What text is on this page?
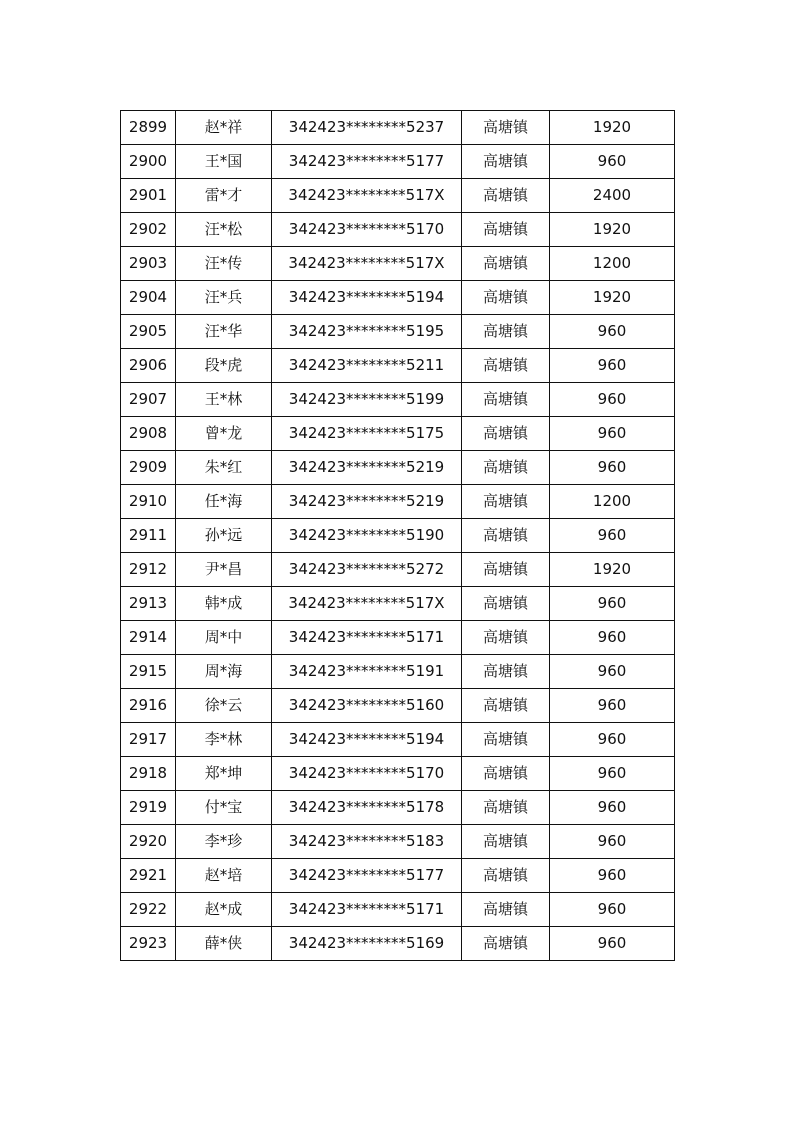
2899	赵*祥	342423********5237	高塘镇	1920
2900	王*国	342423********5177	高塘镇	960
2901	雷*才	342423********517X	高塘镇	2400
2902	汪*松	342423********5170	高塘镇	1920
2903	汪*传	342423********517X	高塘镇	1200
2904	汪*兵	342423********5194	高塘镇	1920
2905	汪*华	342423********5195	高塘镇	960
2906	段*虎	342423********5211	高塘镇	960
2907	王*林	342423********5199	高塘镇	960
2908	曾*龙	342423********5175	高塘镇	960
2909	朱*红	342423********5219	高塘镇	960
2910	任*海	342423********5219	高塘镇	1200
2911	孙*远	342423********5190	高塘镇	960
2912	尹*昌	342423********5272	高塘镇	1920
2913	韩*成	342423********517X	高塘镇	960
2914	周*中	342423********5171	高塘镇	960
2915	周*海	342423********5191	高塘镇	960
2916	徐*云	342423********5160	高塘镇	960
2917	李*林	342423********5194	高塘镇	960
2918	郑*坤	342423********5170	高塘镇	960
2919	付*宝	342423********5178	高塘镇	960
2920	李*珍	342423********5183	高塘镇	960
2921	赵*培	342423********5177	高塘镇	960
2922	赵*成	342423********5171	高塘镇	960
2923	薛*侠	342423********5169	高塘镇	960
